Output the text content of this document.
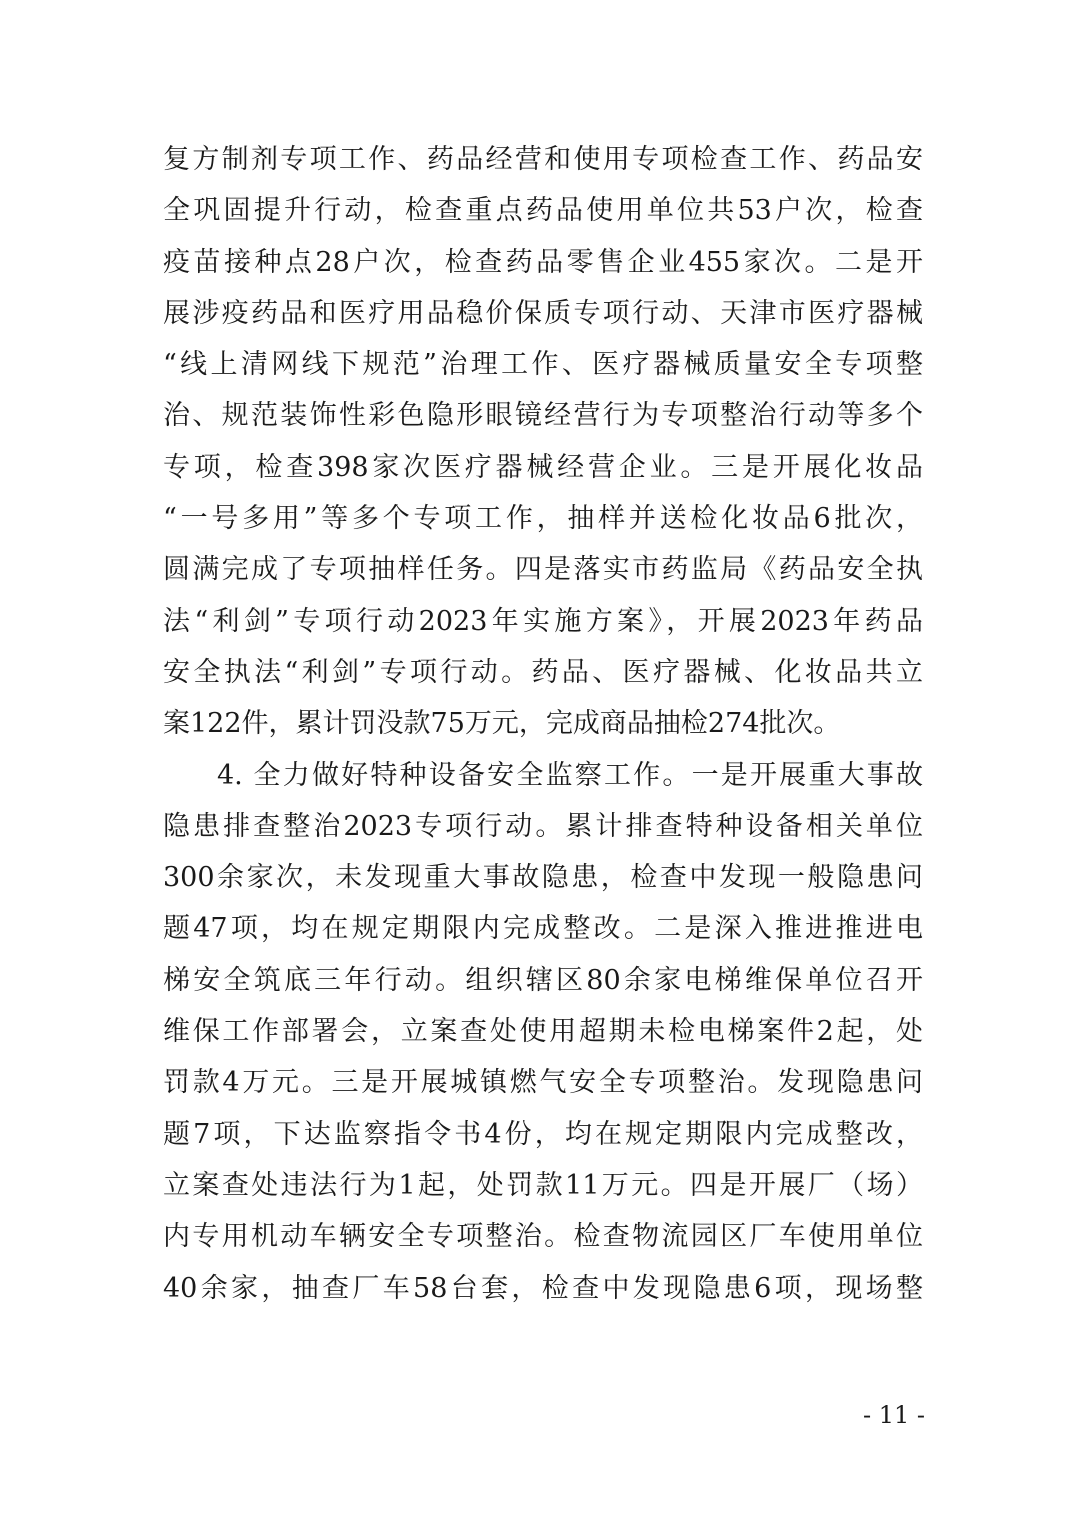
复方制剂专项工作、药品经营和使用专项检查工作、药品安
全巩固提升行动，检查重点药品使用单位共53户次，检查
疫苗接种点28户次，检查药品零售企业455家次。二是开
展涉疫药品和医疗用品稳价保质专项行动、天津市医疗器械
“线上清网线下规范”治理工作、医疗器械质量安全专项整
治、规范装饰性彩色隐形眼镜经营行为专项整治行动等多个
专项，检查398家次医疗器械经营企业。三是开展化妆品
“一号多用”等多个专项工作，抽样并送检化妆品6批次，
圆满完成了专项抽样任务。四是落实市药监局《药品安全执
法“利剑”专项行动2023年实施方案》，开展2023年药品
安全执法“利剑”专项行动。药品、医疗器械、化妆品共立
案122件，累计罚没款75万元，完成商品抽检274批次。
4. 全力做好特种设备安全监察工作。一是开展重大事故
隐患排查整治2023专项行动。累计排查特种设备相关单位
300余家次，未发现重大事故隐患，检查中发现一般隐患问
题47项，均在规定期限内完成整改。二是深入推进推进电
梯安全筑底三年行动。组织辖区80余家电梯维保单位召开
维保工作部署会，立案查处使用超期未检电梯案件2起，处
罚款4万元。三是开展城镇燃气安全专项整治。发现隐患问
题7项，下达监察指令书4份，均在规定期限内完成整改，
立案查处违法行为1起，处罚款11万元。四是开展厂（场）
内专用机动车辆安全专项整治。检查物流园区厂车使用单位
40余家，抽查厂车58台套，检查中发现隐患6项，现场整
- 11 -
